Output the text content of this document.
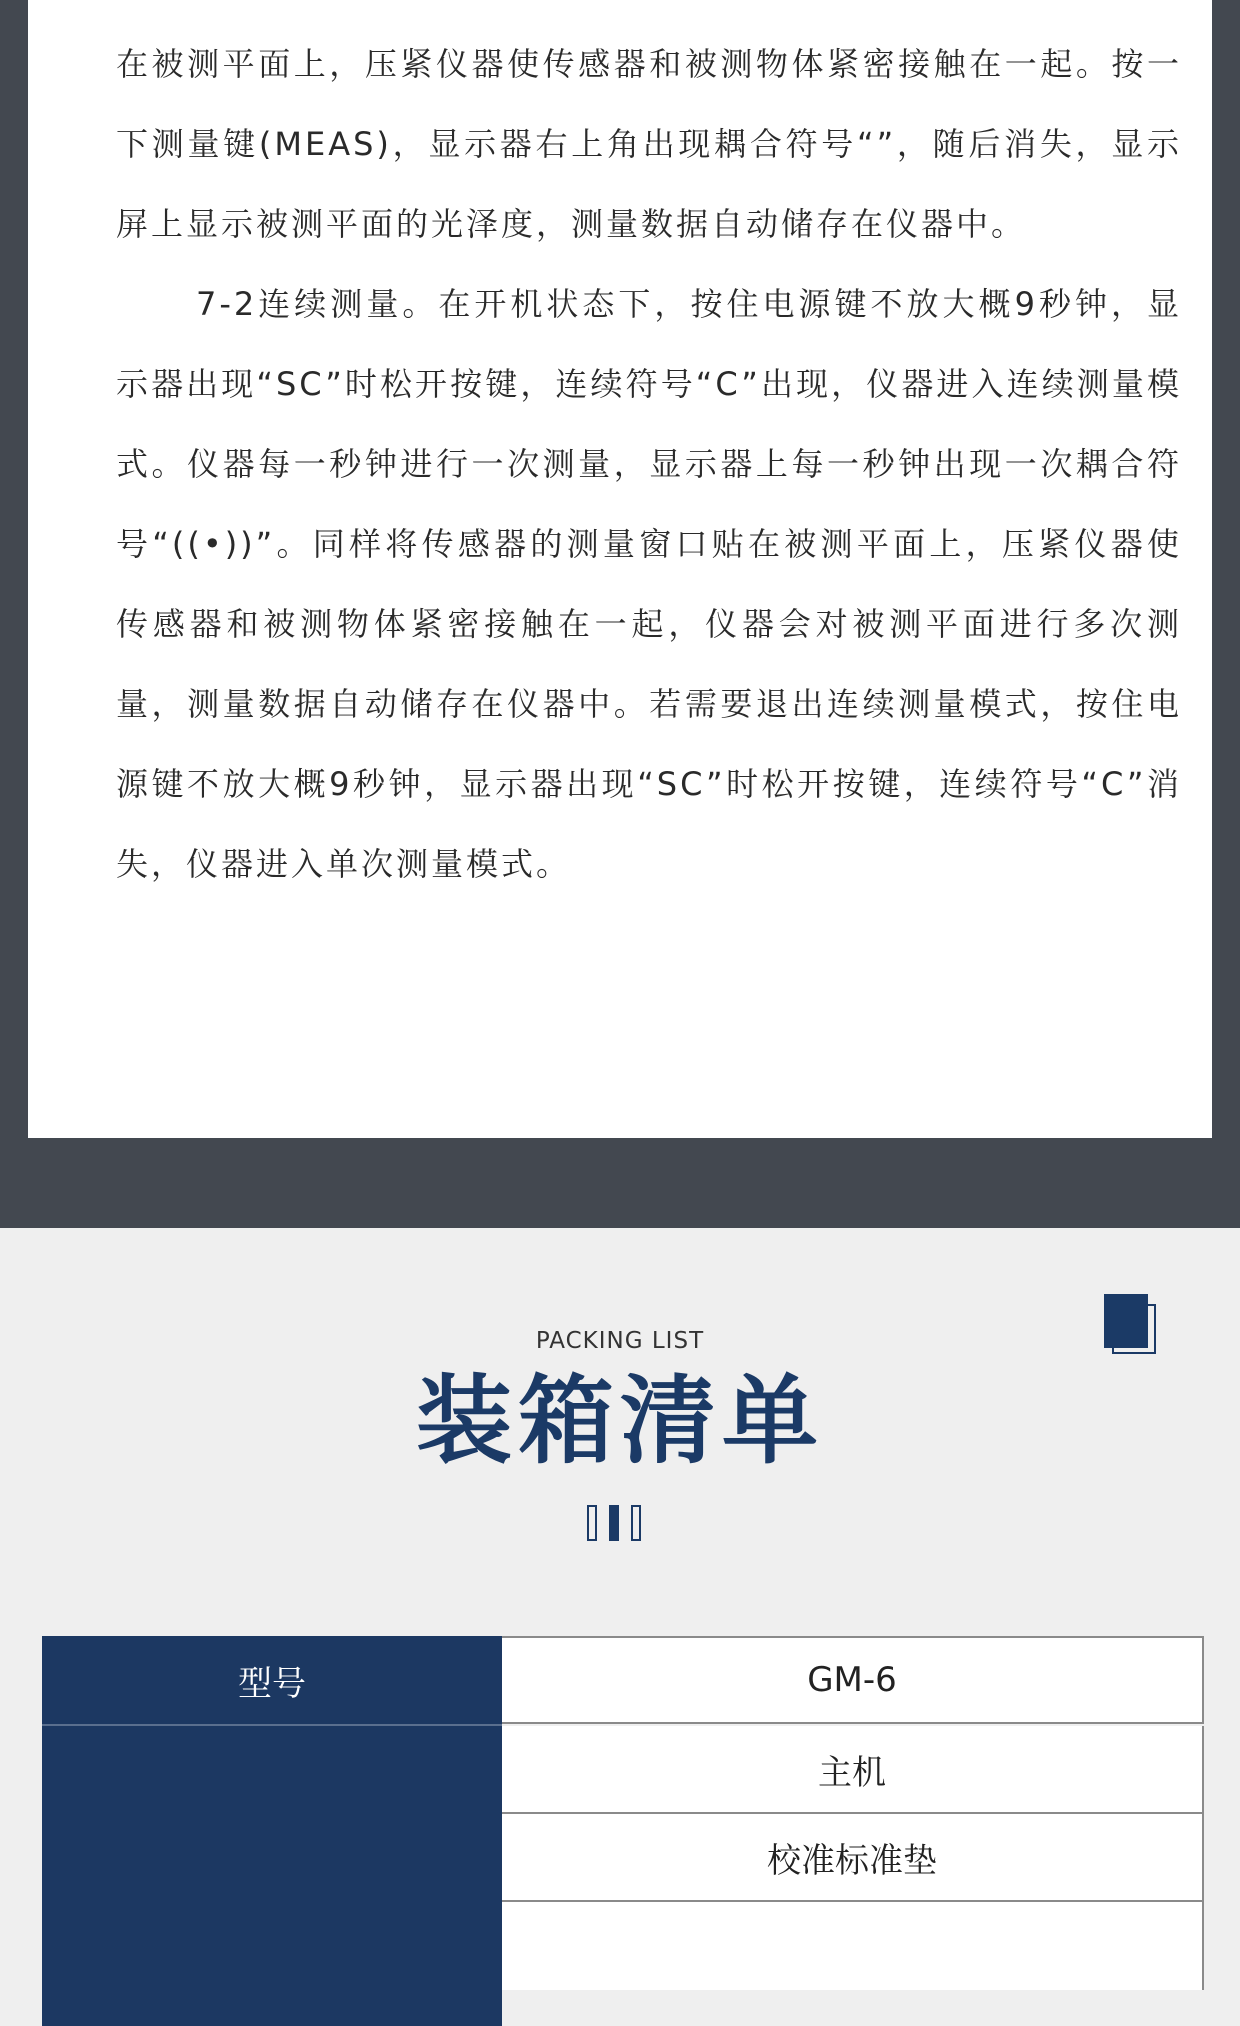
在被测平面上，压紧仪器使传感器和被测物体紧密接触在一起。按一下测量键(MEAS)，显示器右上角出现耦合符号“”，随后消失，显示屏上显示被测平面的光泽度，测量数据自动储存在仪器中。

7-2连续测量。在开机状态下，按住电源键不放大概9秒钟，显示器出现“SC”时松开按键，连续符号“C”出现，仪器进入连续测量模式。仪器每一秒钟进行一次测量，显示器上每一秒钟出现一次耦合符号“((•))”。同样将传感器的测量窗口贴在被测平面上，压紧仪器使传感器和被测物体紧密接触在一起，仪器会对被测平面进行多次测量，测量数据自动储存在仪器中。若需要退出连续测量模式，按住电源键不放大概9秒钟，显示器出现“SC”时松开按键，连续符号“C”消失，仪器进入单次测量模式。

PACKING LIST
装箱清单
型号	GM-6
主机
校准标准垫
